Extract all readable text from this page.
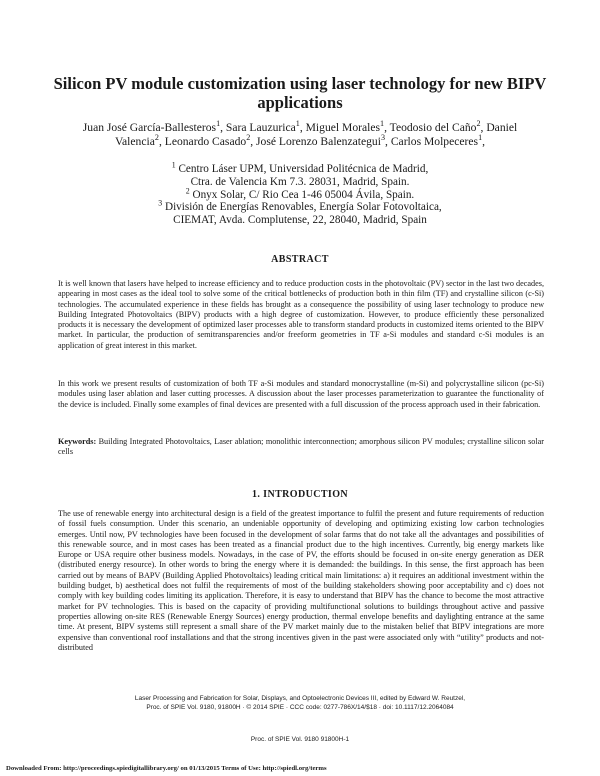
Silicon PV module customization using laser technology for new BIPV applications
Juan José García-Ballesteros$^1$, Sara Lauzurica$^1$, Miguel Morales$^1$, Teodosio del Caño$^2$, Daniel Valencia$^2$, Leonardo Casado$^2$, José Lorenzo Balenzategui$^3$, Carlos Molpeceres$^1$,
$^1$ Centro Láser UPM, Universidad Politécnica de Madrid,
Ctra. de Valencia Km 7.3. 28031, Madrid, Spain.
$^2$ Onyx Solar, C/ Rio Cea 1-46 05004 Ávila, Spain.
$^3$ División de Energías Renovables, Energía Solar Fotovoltaica,
CIEMAT, Avda. Complutense, 22, 28040, Madrid, Spain
ABSTRACT

It is well known that lasers have helped to increase efficiency and to reduce production costs in the photovoltaic (PV) sector in the last two decades, appearing in most cases as the ideal tool to solve some of the critical bottlenecks of production both in thin film (TF) and crystalline silicon (c-Si) technologies. The accumulated experience in these fields has brought as a consequence the possibility of using laser technology to produce new Building Integrated Photovoltaics (BIPV) products with a high degree of customization. However, to produce efficiently these personalized products it is necessary the development of optimized laser processes able to transform standard products in customized items oriented to the BIPV market. In particular, the production of semitransparencies and/or freeform geometries in TF a-Si modules and standard c-Si modules is an application of great interest in this market.

In this work we present results of customization of both TF a-Si modules and standard monocrystalline (m-Si) and polycrystalline silicon (pc-Si) modules using laser ablation and laser cutting processes. A discussion about the laser processes parameterization to guarantee the functionality of the device is included. Finally some examples of final devices are presented with a full discussion of the process approach used in their fabrication.

Keywords: Building Integrated Photovoltaics, Laser ablation; monolithic interconnection; amorphous silicon PV modules; crystalline silicon solar cells

1. INTRODUCTION

The use of renewable energy into architectural design is a field of the greatest importance to fulfil the present and future requirements of reduction of fossil fuels consumption. Under this scenario, an undeniable opportunity of developing and optimizing existing low carbon technologies emerges. Until now, PV technologies have been focused in the development of solar farms that do not take all the advantages and possibilities of this renewable source, and in most cases has been treated as a financial product due to the high incentives. Currently, big energy markets like Europe or USA require other business models. Nowadays, in the case of PV, the efforts should be focused in on-site energy generation as DER (distributed energy resource). In other words to bring the energy where it is demanded: the buildings. In this sense, the first approach has been carried out by means of BAPV (Building Applied Photovoltaics) leading critical main limitations: a) it requires an additional investment within the building budget, b) aesthetical does not fulfil the requirements of most of the building stakeholders showing poor acceptability and c) does not comply with key building codes limiting its application. Therefore, it is easy to understand that BIPV has the chance to become the most attractive market for PV technologies. This is based on the capacity of providing multifunctional solutions to buildings throughout active and passive properties allowing on-site RES (Renewable Energy Sources) energy production, thermal envelope benefits and daylighting entrance at the same time. At present, BIPV systems still represent a small share of the PV market mainly due to the mistaken belief that BIPV integrations are more expensive than conventional roof installations and that the strong incentives given in the past were associated only with “utility” products and not-distributed

Laser Processing and Fabrication for Solar, Displays, and Optoelectronic Devices III, edited by Edward W. Reutzel,
Proc. of SPIE Vol. 9180, 91800H · © 2014 SPIE · CCC code: 0277-786X/14/$18 · doi: 10.1117/12.2064084
Proc. of SPIE Vol. 9180 91800H-1
Downloaded From: http://proceedings.spiedigitallibrary.org/ on 01/13/2015 Terms of Use: http://spiedl.org/terms
